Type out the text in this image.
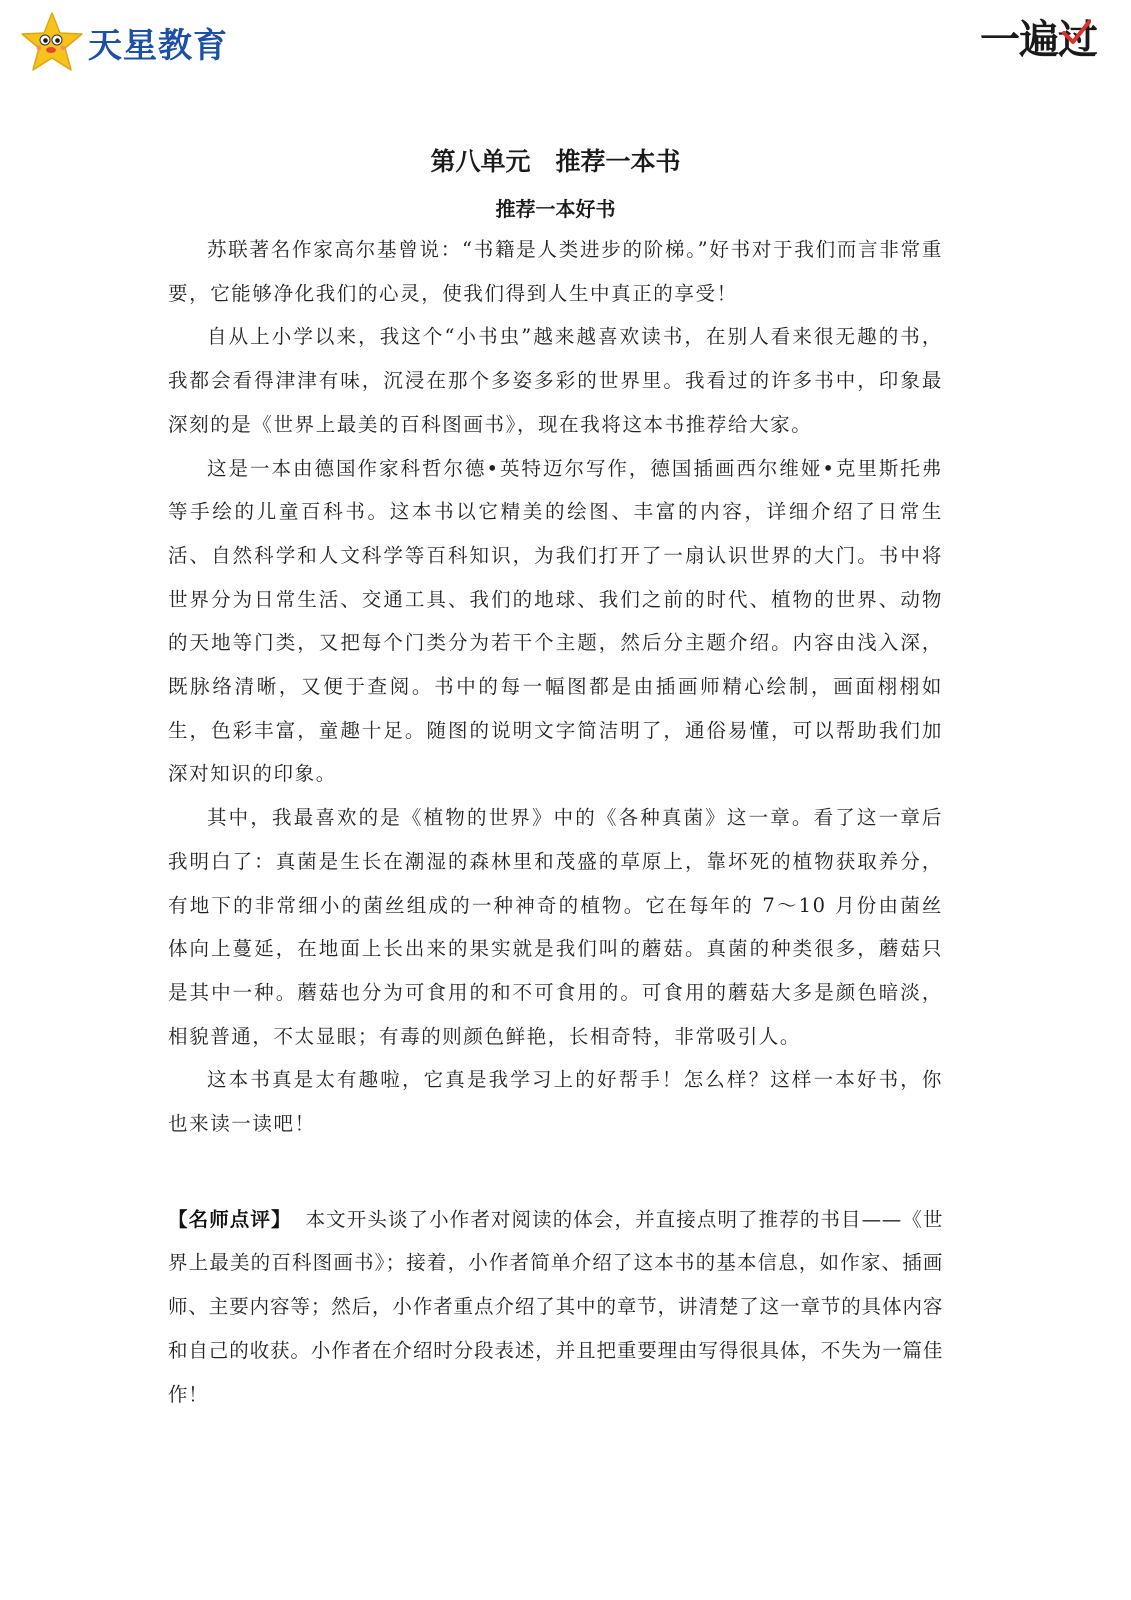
天星教育	一遍过
第八单元　推荐一本书
推荐一本好书

苏联著名作家高尔基曾说：“书籍是人类进步的阶梯。”好书对于我们而言非常重要，它能够净化我们的心灵，使我们得到人生中真正的享受！

自从上小学以来，我这个“小书虫”越来越喜欢读书，在别人看来很无趣的书，我都会看得津津有味，沉浸在那个多姿多彩的世界里。我看过的许多书中，印象最深刻的是《世界上最美的百科图画书》，现在我将这本书推荐给大家。

这是一本由德国作家科哲尔德•英特迈尔写作，德国插画西尔维娅•克里斯托弗等手绘的儿童百科书。这本书以它精美的绘图、丰富的内容，详细介绍了日常生活、自然科学和人文科学等百科知识，为我们打开了一扇认识世界的大门。书中将世界分为日常生活、交通工具、我们的地球、我们之前的时代、植物的世界、动物的天地等门类，又把每个门类分为若干个主题，然后分主题介绍。内容由浅入深，既脉络清晰，又便于查阅。书中的每一幅图都是由插画师精心绘制，画面栩栩如生，色彩丰富，童趣十足。随图的说明文字简洁明了，通俗易懂，可以帮助我们加深对知识的印象。

其中，我最喜欢的是《植物的世界》中的《各种真菌》这一章。看了这一章后我明白了：真菌是生长在潮湿的森林里和茂盛的草原上，靠坏死的植物获取养分，有地下的非常细小的菌丝组成的一种神奇的植物。它在每年的 7～10 月份由菌丝体向上蔓延，在地面上长出来的果实就是我们叫的蘑菇。真菌的种类很多，蘑菇只是其中一种。蘑菇也分为可食用的和不可食用的。可食用的蘑菇大多是颜色暗淡，相貌普通，不太显眼；有毒的则颜色鲜艳，长相奇特，非常吸引人。

这本书真是太有趣啦，它真是我学习上的好帮手！怎么样？这样一本好书，你也来读一读吧！

【名师点评】 本文开头谈了小作者对阅读的体会，并直接点明了推荐的书目——《世界上最美的百科图画书》；接着，小作者简单介绍了这本书的基本信息，如作家、插画师、主要内容等；然后，小作者重点介绍了其中的章节，讲清楚了这一章节的具体内容和自己的收获。小作者在介绍时分段表述，并且把重要理由写得很具体，不失为一篇佳作！
